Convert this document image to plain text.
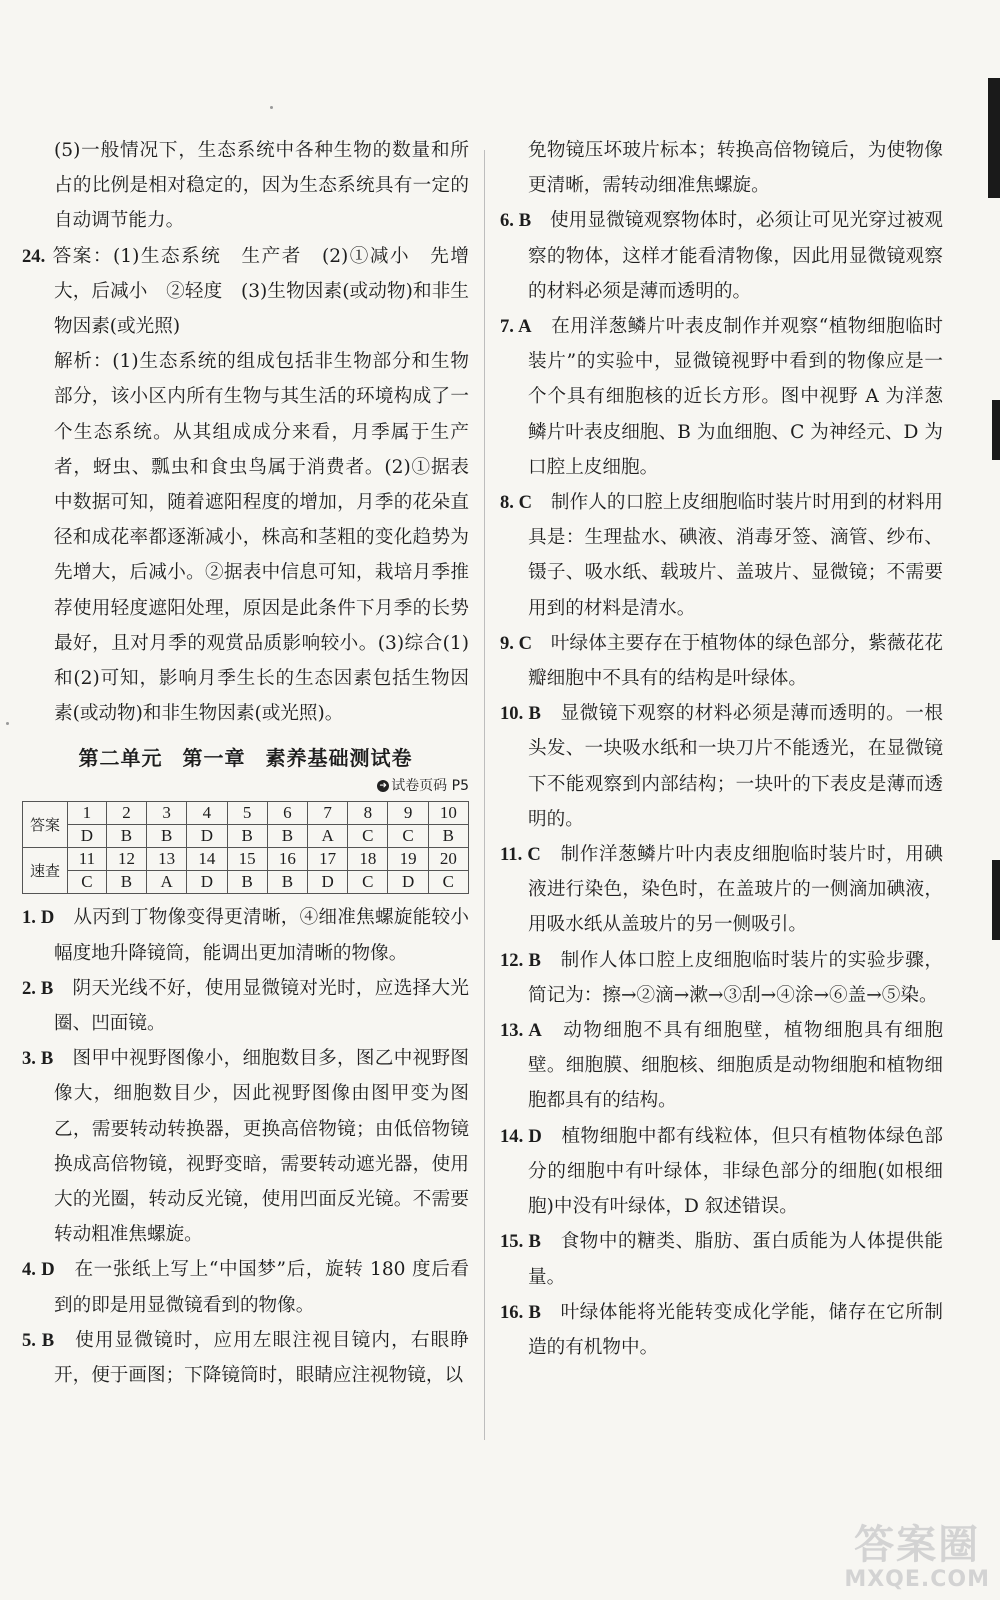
(5)一般情况下，生态系统中各种生物的数量和所占的比例是相对稳定的，因为生态系统具有一定的自动调节能力。

24. 答案：(1)生态系统　生产者　(2)①减小　先增大，后减小　②轻度　(3)生物因素(或动物)和非生物因素(或光照)

解析：(1)生态系统的组成包括非生物部分和生物部分，该小区内所有生物与其生活的环境构成了一个生态系统。从其组成成分来看，月季属于生产者，蚜虫、瓢虫和食虫鸟属于消费者。(2)①据表中数据可知，随着遮阳程度的增加，月季的花朵直径和成花率都逐渐减小，株高和茎粗的变化趋势为先增大，后减小。②据表中信息可知，栽培月季推荐使用轻度遮阳处理，原因是此条件下月季的长势最好，且对月季的观赏品质影响较小。(3)综合(1)和(2)可知，影响月季生长的生态因素包括生物因素(或动物)和非生物因素(或光照)。

第二单元 第一章 素养基础测试卷
➜ 试卷页码 P5
答案	1	2	3	4	5	6	7	8	9	10
	D	B	B	D	B	B	A	C	C	B
速查	11	12	13	14	15	16	17	18	19	20
	C	B	A	D	B	B	D	C	D	C

1. D　 从丙到丁物像变得更清晰，④细准焦螺旋能较小幅度地升降镜筒，能调出更加清晰的物像。

2. B　 阴天光线不好，使用显微镜对光时，应选择大光圈、凹面镜。

3. B　 图甲中视野图像小，细胞数目多，图乙中视野图像大，细胞数目少，因此视野图像由图甲变为图乙，需要转动转换器，更换高倍物镜；由低倍物镜换成高倍物镜，视野变暗，需要转动遮光器，使用大的光圈，转动反光镜，使用凹面反光镜。不需要转动粗准焦螺旋。

4. D　 在一张纸上写上“中国梦”后，旋转 180 度后看到的即是用显微镜看到的物像。

5. B　 使用显微镜时，应用左眼注视目镜内，右眼睁开，便于画图；下降镜筒时，眼睛应注视物镜，以

免物镜压坏玻片标本；转换高倍物镜后，为使物像更清晰，需转动细准焦螺旋。

6. B　 使用显微镜观察物体时，必须让可见光穿过被观察的物体，这样才能看清物像，因此用显微镜观察的材料必须是薄而透明的。

7. A　 在用洋葱鳞片叶表皮制作并观察“植物细胞临时装片”的实验中，显微镜视野中看到的物像应是一个个具有细胞核的近长方形。图中视野 A 为洋葱鳞片叶表皮细胞、B 为血细胞、C 为神经元、D 为口腔上皮细胞。

8. C　 制作人的口腔上皮细胞临时装片时用到的材料用具是：生理盐水、碘液、消毒牙签、滴管、纱布、镊子、吸水纸、载玻片、盖玻片、显微镜；不需要用到的材料是清水。

9. C　 叶绿体主要存在于植物体的绿色部分，紫薇花花瓣细胞中不具有的结构是叶绿体。

10. B　 显微镜下观察的材料必须是薄而透明的。一根头发、一块吸水纸和一块刀片不能透光，在显微镜下不能观察到内部结构；一块叶的下表皮是薄而透明的。

11. C　 制作洋葱鳞片叶内表皮细胞临时装片时，用碘液进行染色，染色时，在盖玻片的一侧滴加碘液，用吸水纸从盖玻片的另一侧吸引。

12. B　 制作人体口腔上皮细胞临时装片的实验步骤，简记为：擦→②滴→漱→③刮→④涂→⑥盖→⑤染。

13. A　 动物细胞不具有细胞壁，植物细胞具有细胞壁。细胞膜、细胞核、细胞质是动物细胞和植物细胞都具有的结构。

14. D　 植物细胞中都有线粒体，但只有植物体绿色部分的细胞中有叶绿体，非绿色部分的细胞(如根细胞)中没有叶绿体，D 叙述错误。

15. B　 食物中的糖类、脂肪、蛋白质能为人体提供能量。

16. B　 叶绿体能将光能转变成化学能，储存在它所制造的有机物中。

答案圈
MXQE.COM
